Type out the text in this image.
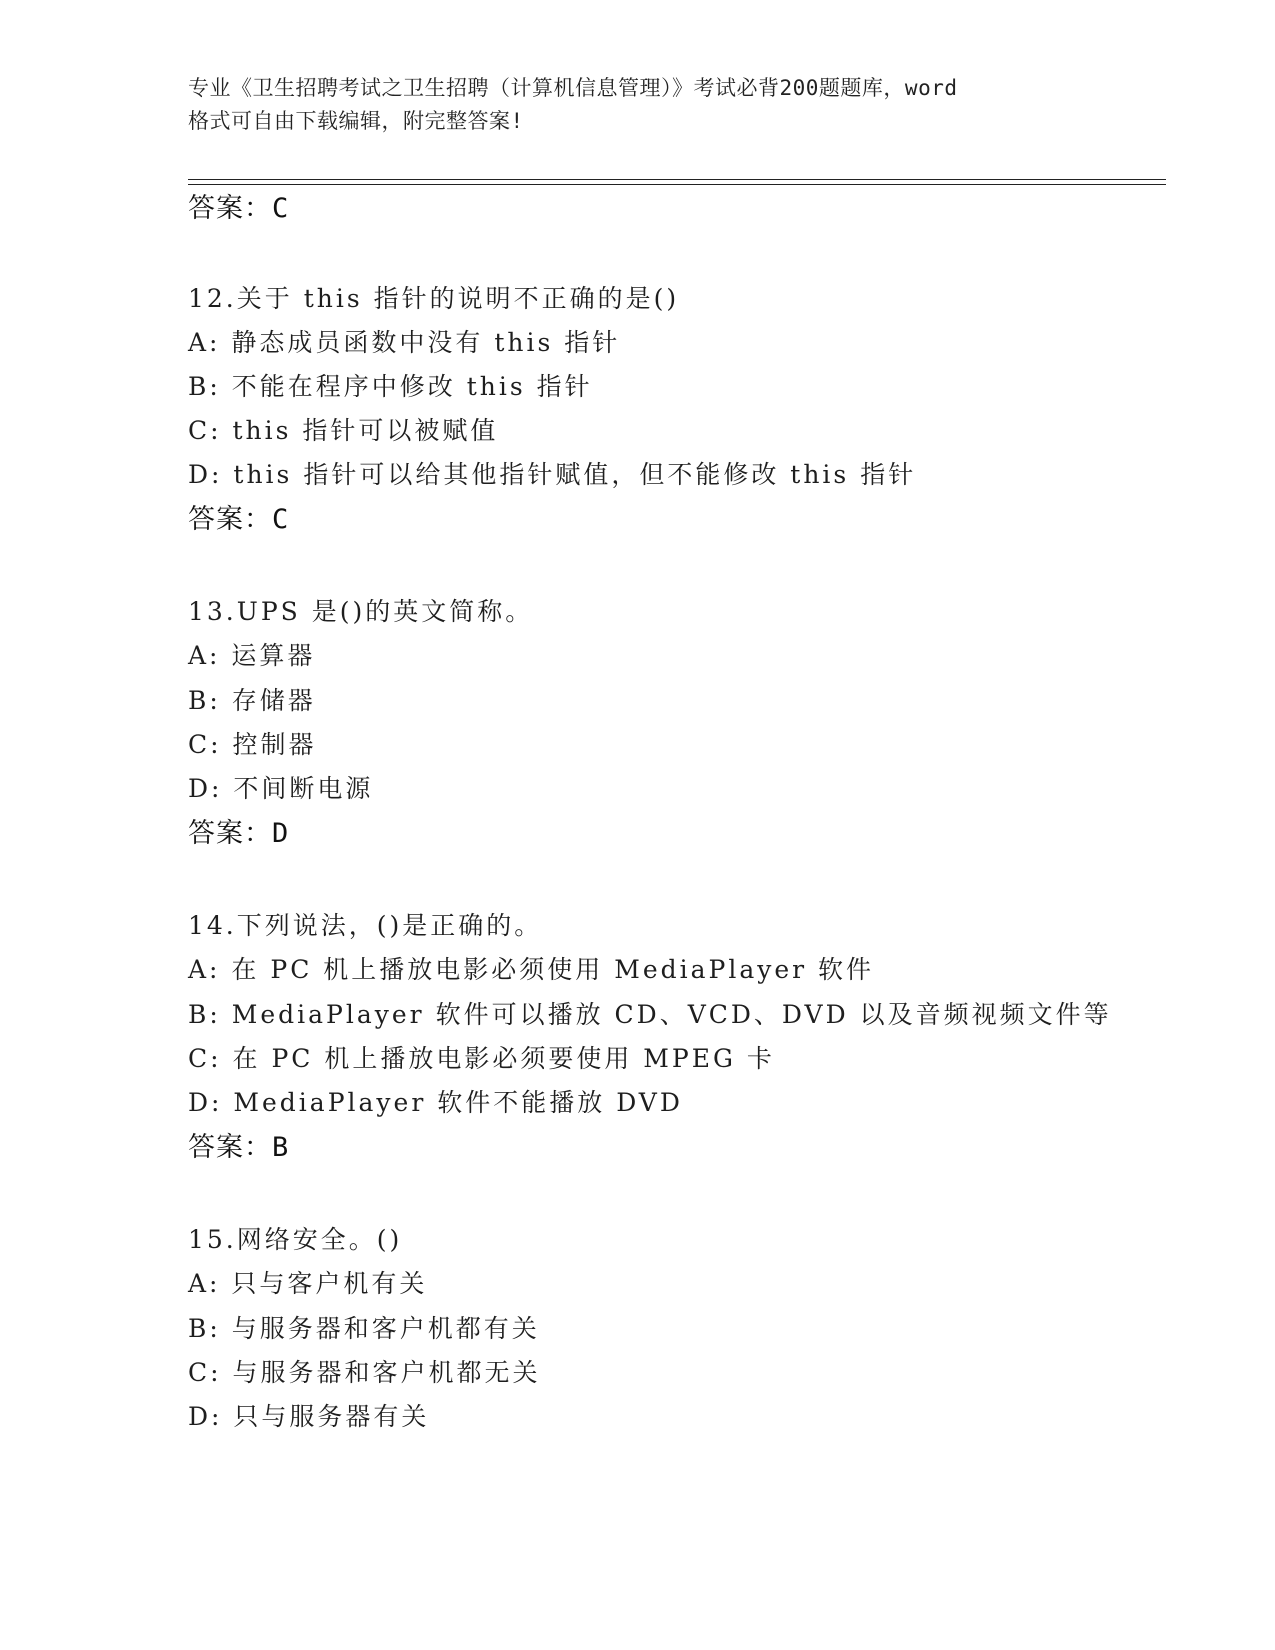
专业《卫生招聘考试之卫生招聘（计算机信息管理）》考试必背200题题库，word
格式可自由下载编辑，附完整答案!
答案：C
12.关于 this 指针的说明不正确的是()
A: 静态成员函数中没有 this 指针
B: 不能在程序中修改 this 指针
C: this 指针可以被赋值
D: this 指针可以给其他指针赋值，但不能修改 this 指针
答案：C
13.UPS 是()的英文简称。
A: 运算器
B: 存储器
C: 控制器
D: 不间断电源
答案：D
14.下列说法，()是正确的。
A: 在 PC 机上播放电影必须使用 MediaPlayer 软件
B: MediaPlayer 软件可以播放 CD、VCD、DVD 以及音频视频文件等
C: 在 PC 机上播放电影必须要使用 MPEG 卡
D: MediaPlayer 软件不能播放 DVD
答案：B
15.网络安全。()
A: 只与客户机有关
B: 与服务器和客户机都有关
C: 与服务器和客户机都无关
D: 只与服务器有关
